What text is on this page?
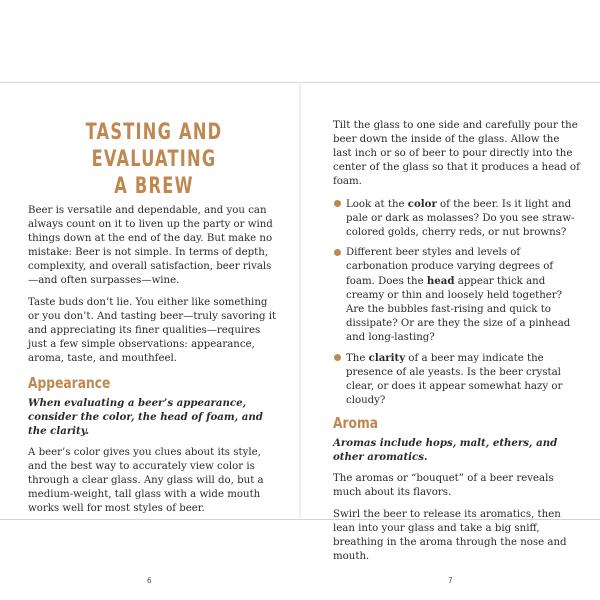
TASTING AND EVALUATING
A BREW

Beer is versatile and dependable, and you can always count on it to liven up the party or wind things down at the end of the day. But make no mistake: Beer is not simple. In terms of depth, complexity, and overall satisfaction, beer rivals—and often surpasses—wine.

Taste buds don’t lie. You either like something or you don’t. And tasting beer—truly savoring it and appreciating its finer qualities—requires just a few simple observations: appearance, aroma, taste, and mouthfeel.

Appearance

When evaluating a beer’s appearance, consider the color, the head of foam, and the clarity.

A beer’s color gives you clues about its style, and the best way to accurately view color is through a clear glass. Any glass will do, but a medium-weight, tall glass with a wide mouth works well for most styles of beer.

Tilt the glass to one side and carefully pour the beer down the inside of the glass. Allow the last inch or so of beer to pour directly into the center of the glass so that it produces a head of foam.

Look at the color of the beer. Is it light and pale or dark as molasses? Do you see straw-colored golds, cherry reds, or nut browns?
Different beer styles and levels of carbonation produce varying degrees of foam. Does the head appear thick and creamy or thin and loosely held together? Are the bubbles fast-rising and quick to dissipate? Or are they the size of a pinhead and long-lasting?
The clarity of a beer may indicate the presence of ale yeasts. Is the beer crystal clear, or does it appear somewhat hazy or cloudy?
Aroma

Aromas include hops, malt, ethers, and other aromatics.

The aromas or “bouquet” of a beer reveals much about its flavors.

Swirl the beer to release its aromatics, then lean into your glass and take a big sniff, breathing in the aroma through the nose and mouth.

6	7
